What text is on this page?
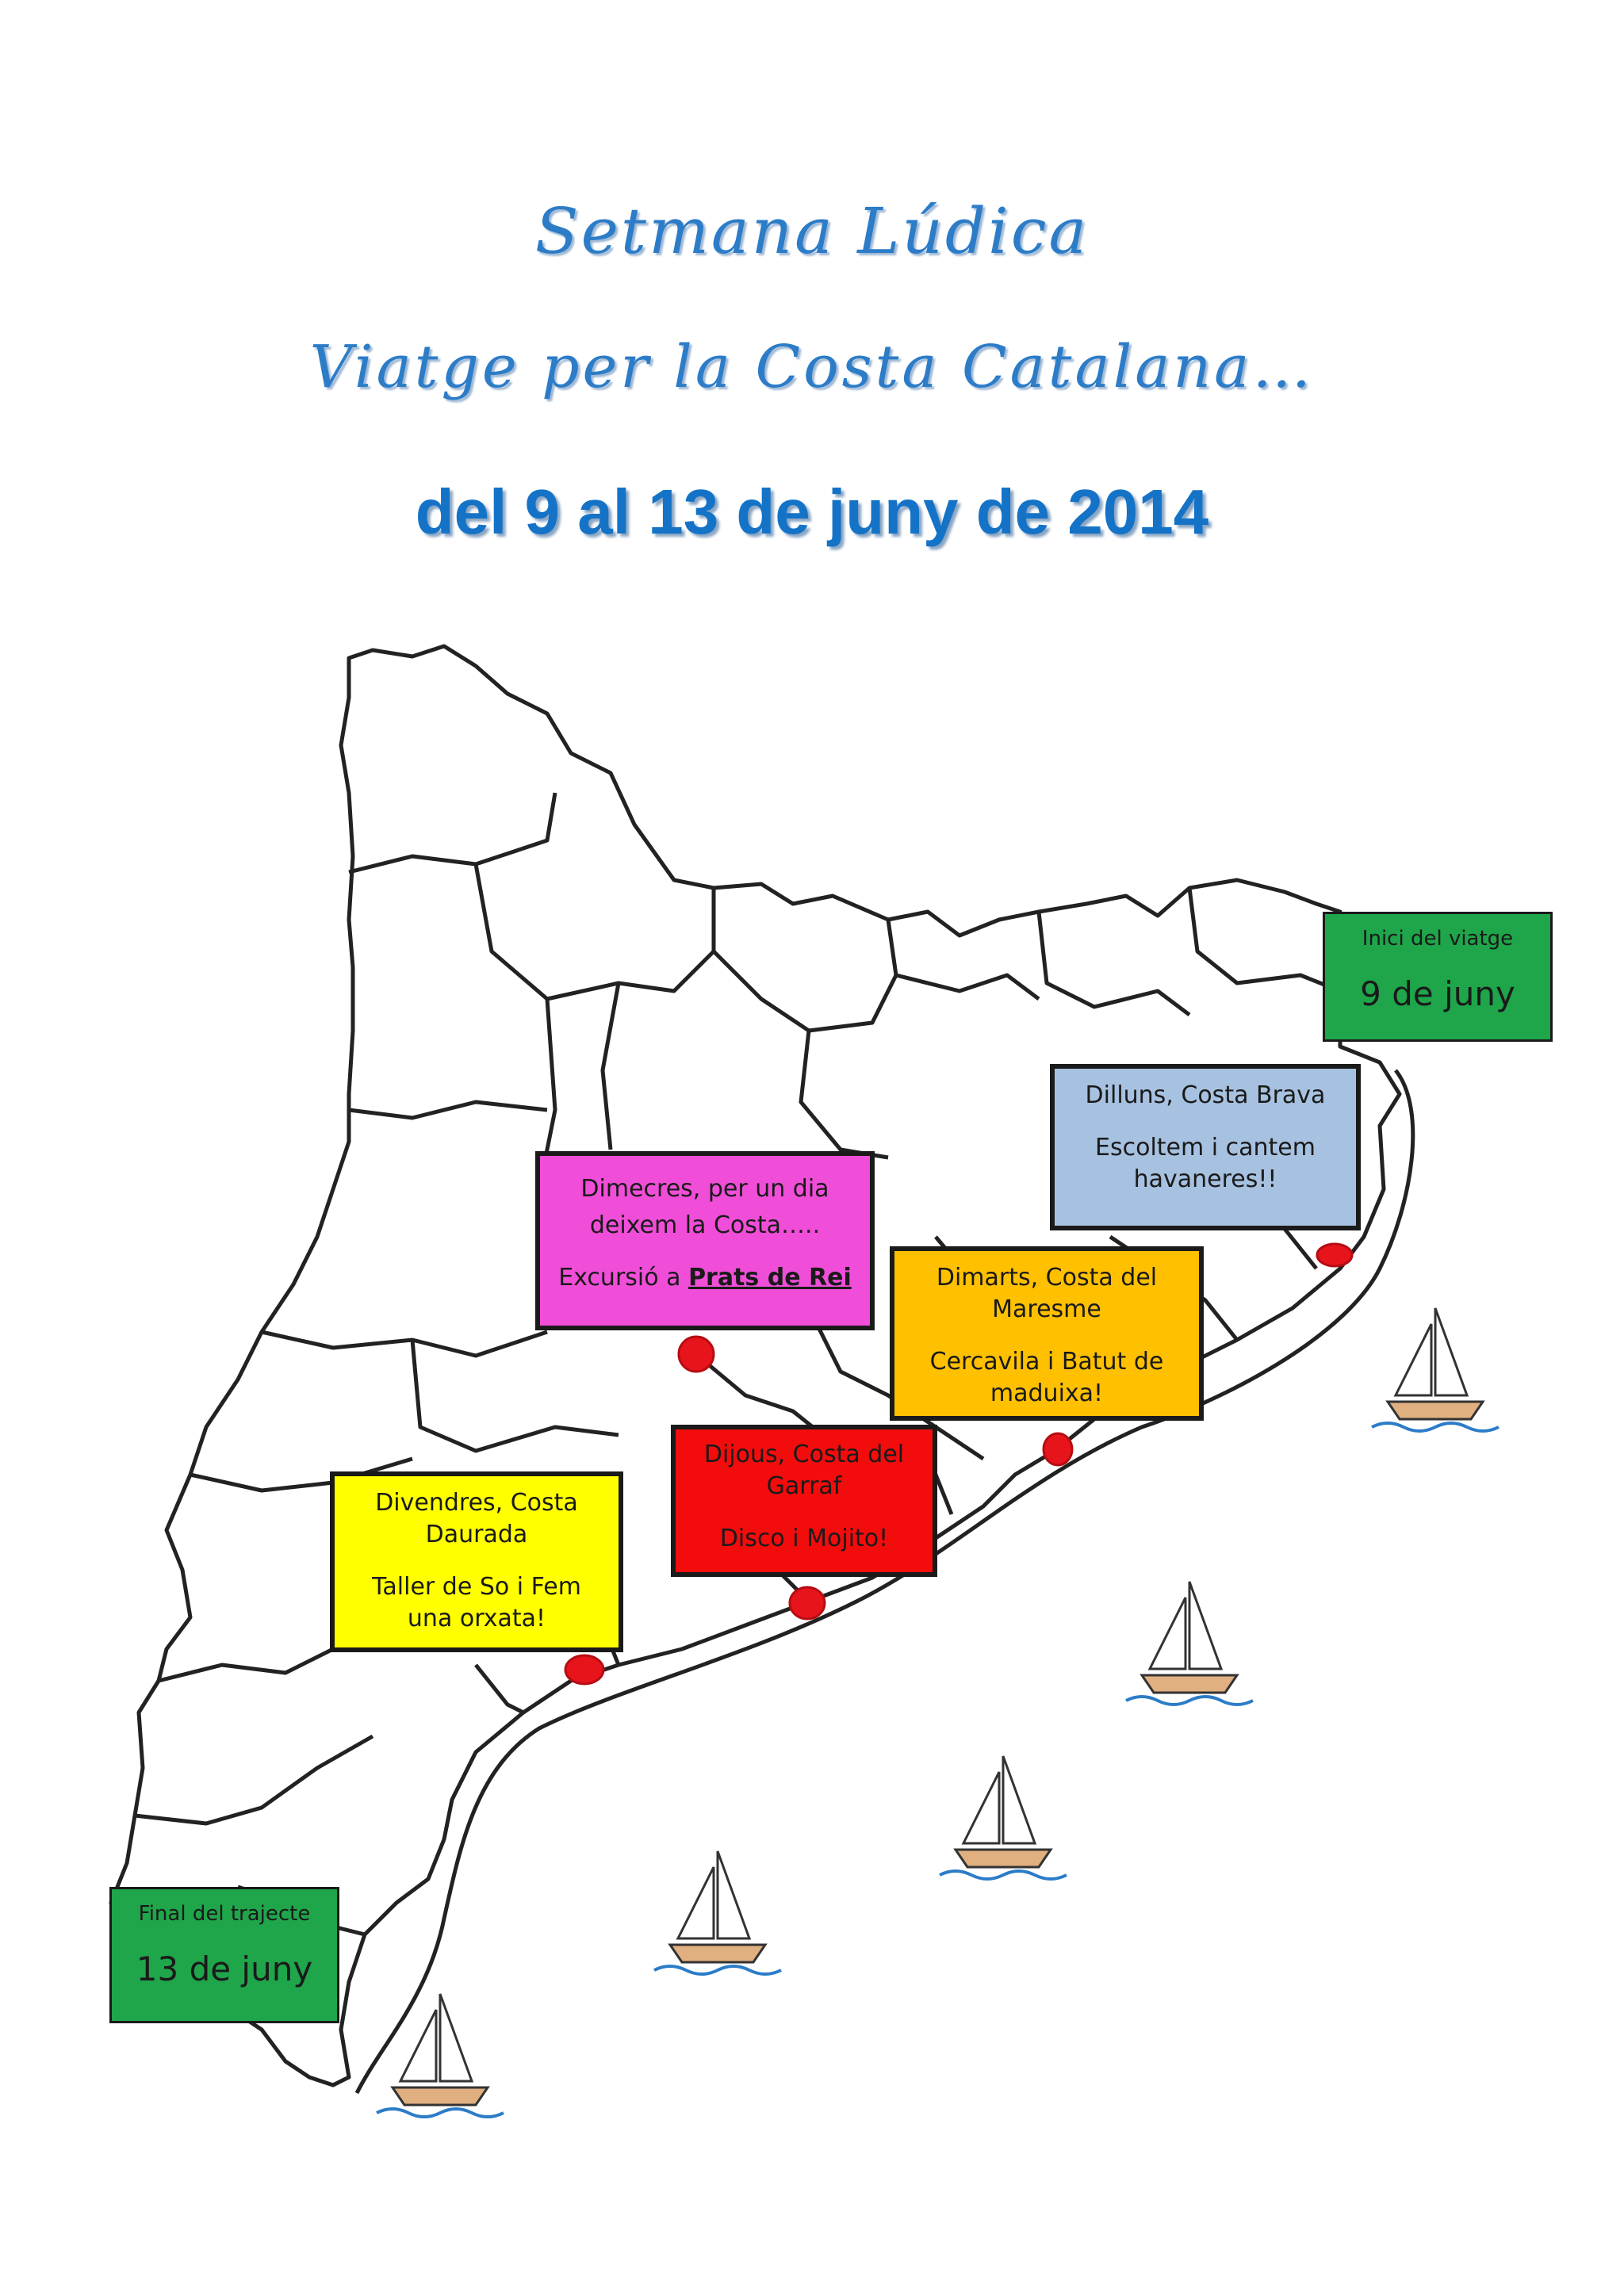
Setmana Lúdica
Viatge per la Costa Catalana…
del 9 al 13 de juny de 2014

Inici del viatge

9 de juny

Dilluns, Costa Brava

Escoltem i cantem

havaneres!!

Dimecres, per un dia

deixem la Costa…..

Excursió a Prats de Rei	Dimarts, Costa del

Maresme

Cercavila i Batut de

maduixa!

Dijous, Costa del

Garraf

Disco i Mojito!

Divendres, Costa

Daurada

Taller de So i Fem

una orxata!

Final del trajecte

13 de juny
